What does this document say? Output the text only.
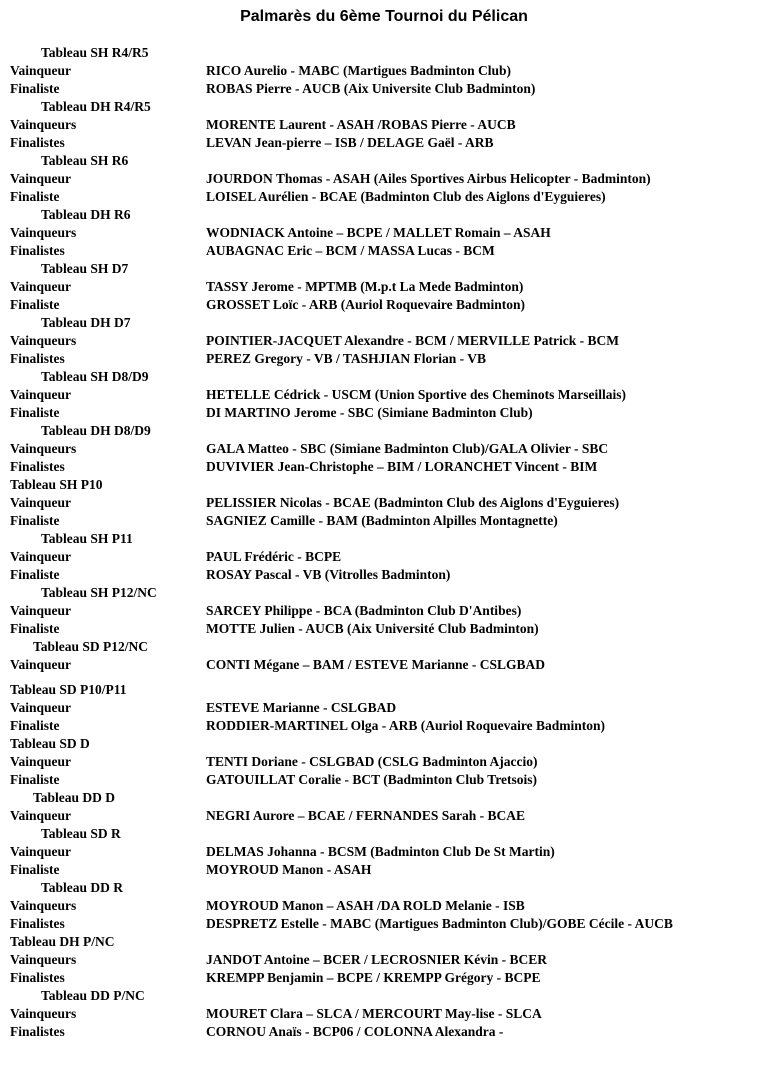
Palmarès du 6ème Tournoi du Pélican
Tableau SH R4/R5
Vainqueur	RICO Aurelio - MABC (Martigues Badminton Club)
Finaliste	ROBAS Pierre - AUCB (Aix Universite Club Badminton)
Tableau DH R4/R5
Vainqueurs	MORENTE Laurent - ASAH /ROBAS Pierre - AUCB
Finalistes	LEVAN Jean-pierre – ISB / DELAGE Gaël - ARB
Tableau SH R6
Vainqueur	JOURDON Thomas - ASAH (Ailes Sportives Airbus Helicopter - Badminton)
Finaliste	LOISEL Aurélien - BCAE (Badminton Club des Aiglons d'Eyguieres)
Tableau DH R6
Vainqueurs	WODNIACK Antoine – BCPE / MALLET Romain – ASAH
Finalistes	AUBAGNAC Eric – BCM / MASSA Lucas - BCM
Tableau SH D7
Vainqueur	TASSY Jerome - MPTMB (M.p.t La Mede Badminton)
Finaliste	GROSSET Loïc - ARB (Auriol Roquevaire Badminton)
Tableau DH D7
Vainqueurs	POINTIER-JACQUET Alexandre - BCM / MERVILLE Patrick - BCM
Finalistes	PEREZ Gregory - VB / TASHJIAN Florian - VB
Tableau SH D8/D9
Vainqueur	HETELLE Cédrick - USCM (Union Sportive des Cheminots Marseillais)
Finaliste	DI MARTINO Jerome - SBC (Simiane Badminton Club)
Tableau DH D8/D9
Vainqueurs	GALA Matteo - SBC (Simiane Badminton Club)/GALA Olivier - SBC
Finalistes	DUVIVIER Jean-Christophe – BIM / LORANCHET Vincent - BIM
Tableau SH P10
Vainqueur	PELISSIER Nicolas - BCAE (Badminton Club des Aiglons d'Eyguieres)
Finaliste	SAGNIEZ Camille - BAM (Badminton Alpilles Montagnette)
Tableau SH P11
Vainqueur	PAUL Frédéric - BCPE
Finaliste	ROSAY Pascal - VB (Vitrolles Badminton)
Tableau SH P12/NC
Vainqueur	SARCEY Philippe - BCA (Badminton Club D'Antibes)
Finaliste	MOTTE Julien - AUCB (Aix Université Club Badminton)
Tableau SD P12/NC
Vainqueur	CONTI Mégane – BAM / ESTEVE Marianne - CSLGBAD
Tableau SD P10/P11
Vainqueur	ESTEVE Marianne - CSLGBAD
Finaliste	RODDIER-MARTINEL Olga - ARB (Auriol Roquevaire Badminton)
Tableau SD D
Vainqueur	TENTI Doriane - CSLGBAD (CSLG Badminton Ajaccio)
Finaliste	GATOUILLAT Coralie - BCT (Badminton Club Tretsois)
Tableau DD D
Vainqueur	NEGRI Aurore – BCAE / FERNANDES Sarah - BCAE
Tableau SD R
Vainqueur	DELMAS Johanna - BCSM (Badminton Club De St Martin)
Finaliste	MOYROUD Manon - ASAH
Tableau DD R
Vainqueurs	MOYROUD Manon – ASAH /DA ROLD Melanie - ISB
Finalistes	DESPRETZ Estelle - MABC (Martigues Badminton Club)/GOBE Cécile - AUCB
Tableau DH P/NC
Vainqueurs	JANDOT Antoine – BCER / LECROSNIER Kévin - BCER
Finalistes	KREMPP Benjamin – BCPE / KREMPP Grégory - BCPE
Tableau DD P/NC
Vainqueurs	MOURET Clara – SLCA / MERCOURT May-lise - SLCA
Finalistes	CORNOU Anaïs - BCP06 / COLONNA Alexandra -
